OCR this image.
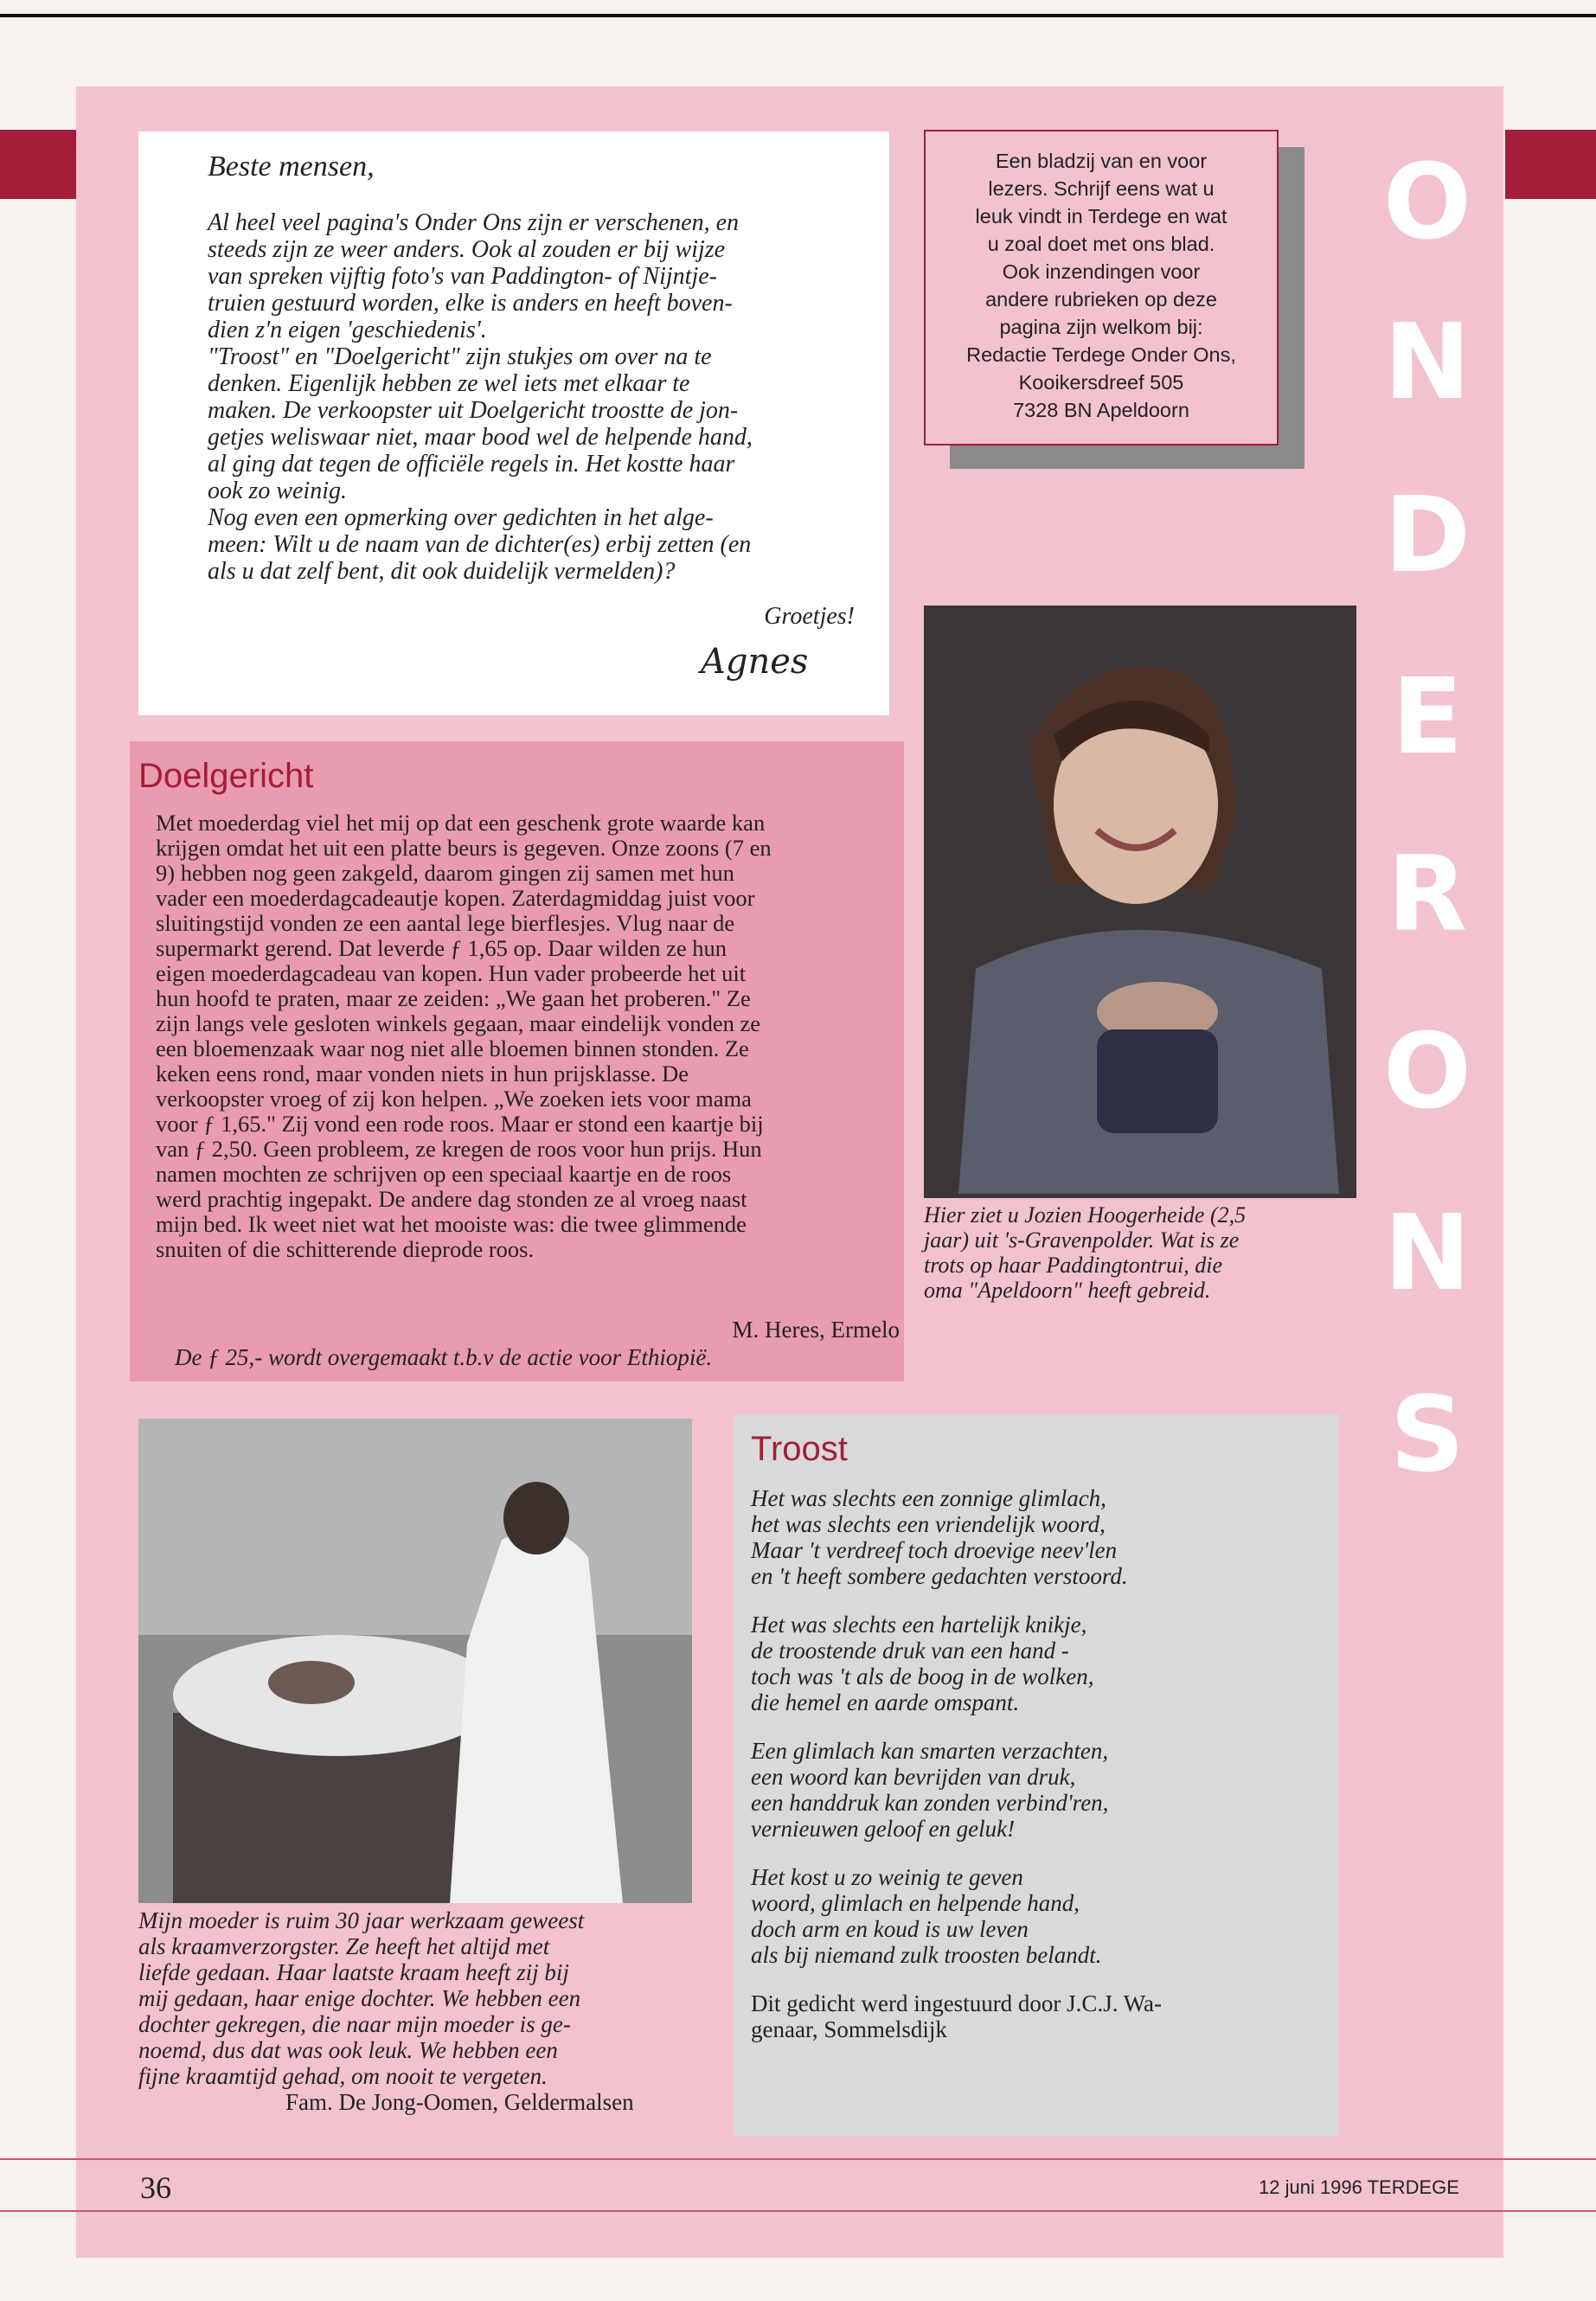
O
N
D
E
R
O
N
S
Beste mensen,
Al heel veel pagina's Onder Ons zijn er verschenen, en
steeds zijn ze weer anders. Ook al zouden er bij wijze
van spreken vijftig foto's van Paddington- of Nijntje-
truien gestuurd worden, elke is anders en heeft boven-
dien z'n eigen 'geschiedenis'.
"Troost" en "Doelgericht" zijn stukjes om over na te
denken. Eigenlijk hebben ze wel iets met elkaar te
maken. De verkoopster uit Doelgericht troostte de jon-
getjes weliswaar niet, maar bood wel de helpende hand,
al ging dat tegen de officiële regels in. Het kostte haar
ook zo weinig.
Nog even een opmerking over gedichten in het alge-
meen: Wilt u de naam van de dichter(es) erbij zetten (en
als u dat zelf bent, dit ook duidelijk vermelden)?
Groetjes!
Agnes
Een bladzij van en voor
lezers. Schrijf eens wat u
leuk vindt in Terdege en wat
u zoal doet met ons blad.
Ook inzendingen voor
andere rubrieken op deze
pagina zijn welkom bij:
Redactie Terdege Onder Ons,
Kooikersdreef 505
7328 BN Apeldoorn
Doelgericht
Met moederdag viel het mij op dat een geschenk grote waarde kan
krijgen omdat het uit een platte beurs is gegeven. Onze zoons (7 en
9) hebben nog geen zakgeld, daarom gingen zij samen met hun
vader een moederdagcadeautje kopen. Zaterdagmiddag juist voor
sluitingstijd vonden ze een aantal lege bierflesjes. Vlug naar de
supermarkt gerend. Dat leverde ƒ 1,65 op. Daar wilden ze hun
eigen moederdagcadeau van kopen. Hun vader probeerde het uit
hun hoofd te praten, maar ze zeiden: „We gaan het proberen." Ze
zijn langs vele gesloten winkels gegaan, maar eindelijk vonden ze
een bloemenzaak waar nog niet alle bloemen binnen stonden. Ze
keken eens rond, maar vonden niets in hun prijsklasse. De
verkoopster vroeg of zij kon helpen. „We zoeken iets voor mama
voor ƒ 1,65." Zij vond een rode roos. Maar er stond een kaartje bij
van ƒ 2,50. Geen probleem, ze kregen de roos voor hun prijs. Hun
namen mochten ze schrijven op een speciaal kaartje en de roos
werd prachtig ingepakt. De andere dag stonden ze al vroeg naast
mijn bed. Ik weet niet wat het mooiste was: die twee glimmende
snuiten of die schitterende dieprode roos.
M. Heres, Ermelo
De ƒ 25,- wordt overgemaakt t.b.v de actie voor Ethiopië.
Hier ziet u Jozien Hoogerheide (2,5
jaar) uit 's-Gravenpolder. Wat is ze
trots op haar Paddingtontrui, die
oma "Apeldoorn" heeft gebreid.
Mijn moeder is ruim 30 jaar werkzaam geweest
als kraamverzorgster. Ze heeft het altijd met
liefde gedaan. Haar laatste kraam heeft zij bij
mij gedaan, haar enige dochter. We hebben een
dochter gekregen, die naar mijn moeder is ge-
noemd, dus dat was ook leuk. We hebben een
fijne kraamtijd gehad, om nooit te vergeten.
Fam. De Jong-Oomen, Geldermalsen
Troost
Het was slechts een zonnige glimlach,
het was slechts een vriendelijk woord,
Maar 't verdreef toch droevige neev'len
en 't heeft sombere gedachten verstoord.
Het was slechts een hartelijk knikje,
de troostende druk van een hand -
toch was 't als de boog in de wolken,
die hemel en aarde omspant.
Een glimlach kan smarten verzachten,
een woord kan bevrijden van druk,
een handdruk kan zonden verbind'ren,
vernieuwen geloof en geluk!
Het kost u zo weinig te geven
woord, glimlach en helpende hand,
doch arm en koud is uw leven
als bij niemand zulk troosten belandt.
Dit gedicht werd ingestuurd door J.C.J. Wa-
genaar, Sommelsdijk
36	12 juni 1996 TERDEGE
